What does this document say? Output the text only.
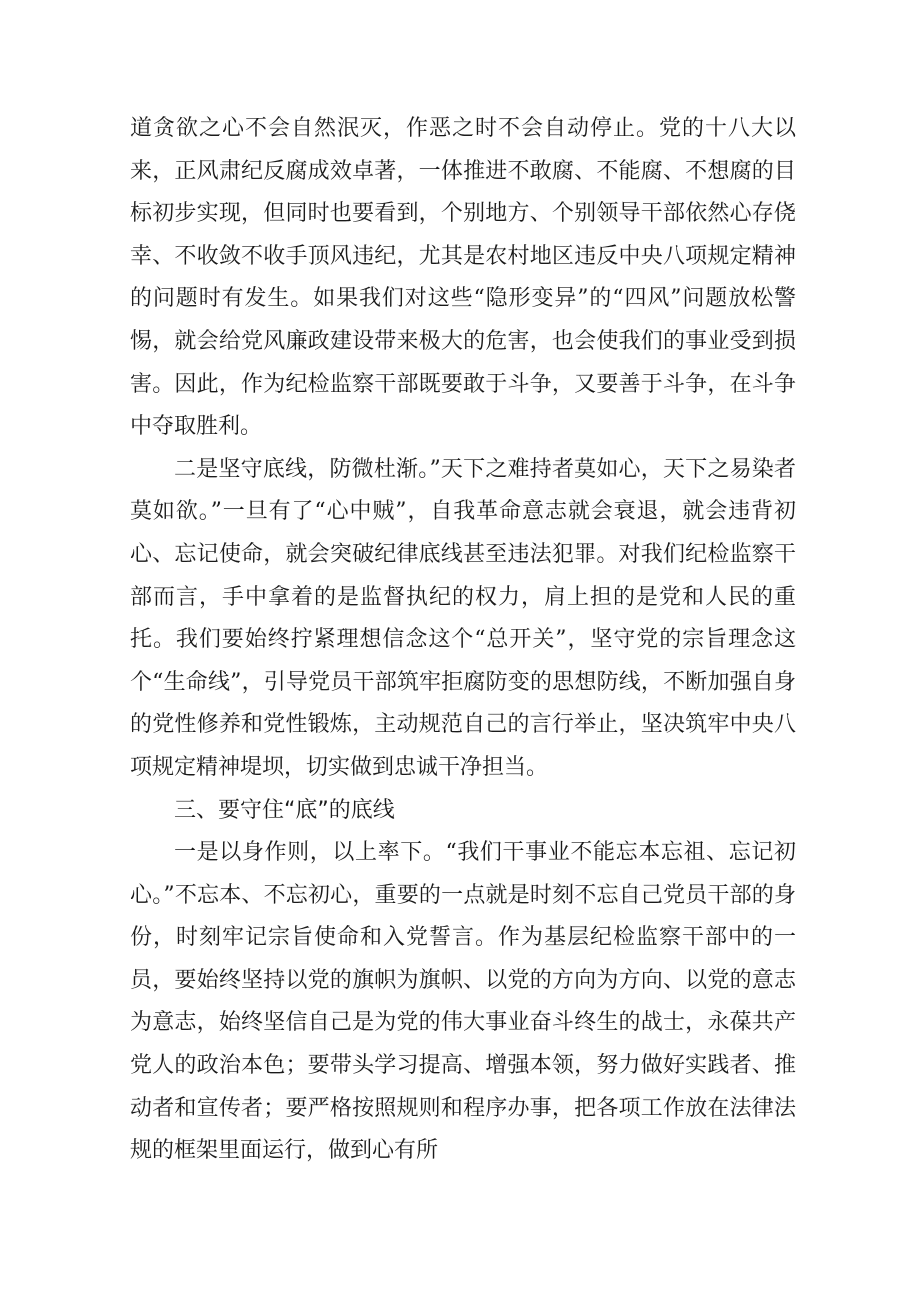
道贪欲之心不会自然泯灭，作恶之时不会自动停止。党的十八大以来，正风肃纪反腐成效卓著，一体推进不敢腐、不能腐、不想腐的目标初步实现，但同时也要看到，个别地方、个别领导干部依然心存侥幸、不收敛不收手顶风违纪，尤其是农村地区违反中央八项规定精神的问题时有发生。如果我们对这些“隐形变异”的“四风”问题放松警惕，就会给党风廉政建设带来极大的危害，也会使我们的事业受到损害。因此，作为纪检监察干部既要敢于斗争，又要善于斗争，在斗争中夺取胜利。

二是坚守底线，防微杜渐。”天下之难持者莫如心，天下之易染者莫如欲。”一旦有了“心中贼”，自我革命意志就会衰退，就会违背初心、忘记使命，就会突破纪律底线甚至违法犯罪。对我们纪检监察干部而言，手中拿着的是监督执纪的权力，肩上担的是党和人民的重托。我们要始终拧紧理想信念这个“总开关”，坚守党的宗旨理念这个“生命线”，引导党员干部筑牢拒腐防变的思想防线，不断加强自身的党性修养和党性锻炼，主动规范自己的言行举止，坚决筑牢中央八项规定精神堤坝，切实做到忠诚干净担当。

三、要守住“底”的底线

一是以身作则，以上率下。“我们干事业不能忘本忘祖、忘记初心。”不忘本、不忘初心，重要的一点就是时刻不忘自己党员干部的身份，时刻牢记宗旨使命和入党誓言。作为基层纪检监察干部中的一员，要始终坚持以党的旗帜为旗帜、以党的方向为方向、以党的意志为意志，始终坚信自己是为党的伟大事业奋斗终生的战士，永葆共产党人的政治本色；要带头学习提高、增强本领，努力做好实践者、推动者和宣传者；要严格按照规则和程序办事，把各项工作放在法律法规的框架里面运行，做到心有所
